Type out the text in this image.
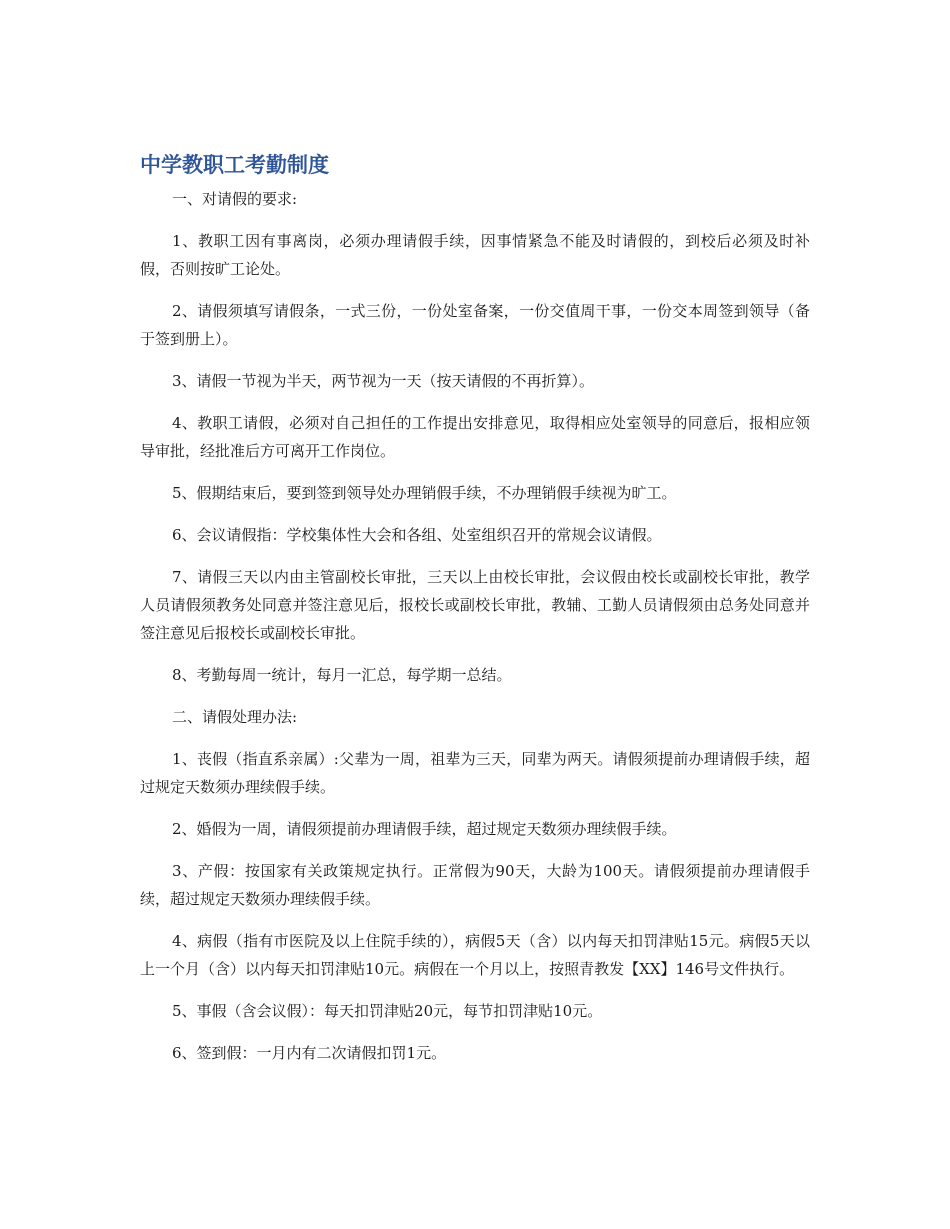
中学教职工考勤制度

一、对请假的要求:

1、教职工因有事离岗，必须办理请假手续，因事情紧急不能及时请假的，到校后必须及时补假，否则按旷工论处。

2、请假须填写请假条，一式三份，一份处室备案，一份交值周干事，一份交本周签到领导（备于签到册上）。

3、请假一节视为半天，两节视为一天（按天请假的不再折算）。

4、教职工请假，必须对自己担任的工作提出安排意见，取得相应处室领导的同意后，报相应领导审批，经批准后方可离开工作岗位。

5、假期结束后，要到签到领导处办理销假手续，不办理销假手续视为旷工。

6、会议请假指：学校集体性大会和各组、处室组织召开的常规会议请假。

7、请假三天以内由主管副校长审批，三天以上由校长审批，会议假由校长或副校长审批，教学人员请假须教务处同意并签注意见后，报校长或副校长审批，教辅、工勤人员请假须由总务处同意并签注意见后报校长或副校长审批。

8、考勤每周一统计，每月一汇总，每学期一总结。

二、请假处理办法:

1、丧假（指直系亲属）:父辈为一周，祖辈为三天，同辈为两天。请假须提前办理请假手续，超过规定天数须办理续假手续。

2、婚假为一周，请假须提前办理请假手续，超过规定天数须办理续假手续。

3、产假：按国家有关政策规定执行。正常假为90天，大龄为100天。请假须提前办理请假手续，超过规定天数须办理续假手续。

4、病假（指有市医院及以上住院手续的），病假5天（含）以内每天扣罚津贴15元。病假5天以上一个月（含）以内每天扣罚津贴10元。病假在一个月以上，按照青教发【XX】146号文件执行。

5、事假（含会议假）：每天扣罚津贴20元，每节扣罚津贴10元。

6、签到假：一月内有二次请假扣罚1元。
